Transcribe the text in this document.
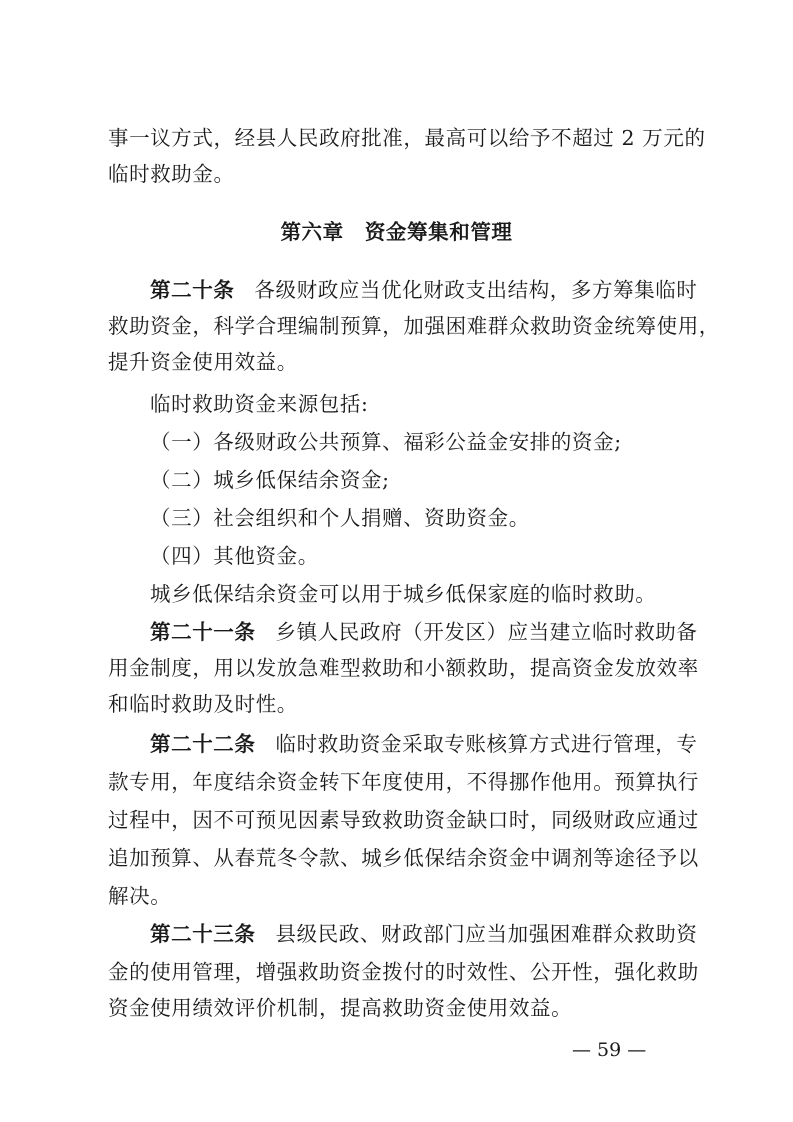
事一议方式，经县人民政府批准，最高可以给予不超过 2 万元的
临时救助金。
第六章　资金筹集和管理
第二十条 各级财政应当优化财政支出结构，多方筹集临时
救助资金，科学合理编制预算，加强困难群众救助资金统筹使用，
提升资金使用效益。
临时救助资金来源包括:
（一）各级财政公共预算、福彩公益金安排的资金;
（二）城乡低保结余资金;
（三）社会组织和个人捐赠、资助资金。
（四）其他资金。
城乡低保结余资金可以用于城乡低保家庭的临时救助。
第二十一条 乡镇人民政府（开发区）应当建立临时救助备
用金制度，用以发放急难型救助和小额救助，提高资金发放效率
和临时救助及时性。
第二十二条 临时救助资金采取专账核算方式进行管理，专
款专用，年度结余资金转下年度使用，不得挪作他用。预算执行
过程中，因不可预见因素导致救助资金缺口时，同级财政应通过
追加预算、从春荒冬令款、城乡低保结余资金中调剂等途径予以
解决。
第二十三条 县级民政、财政部门应当加强困难群众救助资
金的使用管理，增强救助资金拨付的时效性、公开性，强化救助
资金使用绩效评价机制，提高救助资金使用效益。
— 59 —
